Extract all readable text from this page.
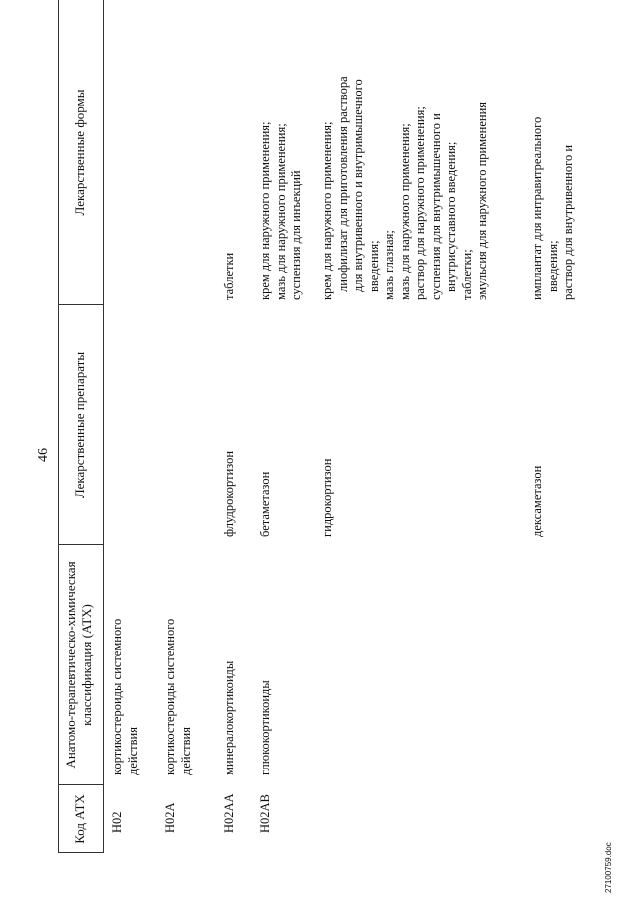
46
Код АТХ
Анатомо-терапевтическо-химическая классификация (АТХ)
Лекарственные препараты
Лекарственные формы
H02
кортикостероиды системного действия
H02A
кортикостероиды системного действия
H02AA
минералокортикоиды
флудрокортизон
таблетки
H02AB
глюкокортикоиды
бетаметазон
крем для наружного применения; мазь для наружного применения; суспензия для инъекций
гидрокортизон
крем для наружного применения; лиофилизат для приготовления раствора для внутривенного и внутримышечного введения; мазь глазная; мазь для наружного применения; раствор для наружного применения; суспензия для внутримышечного и внутрисуставного введения; таблетки; эмульсия для наружного применения
дексаметазон
имплантат для интравитреального введения; раствор для внутривенного и
27100759.doc
